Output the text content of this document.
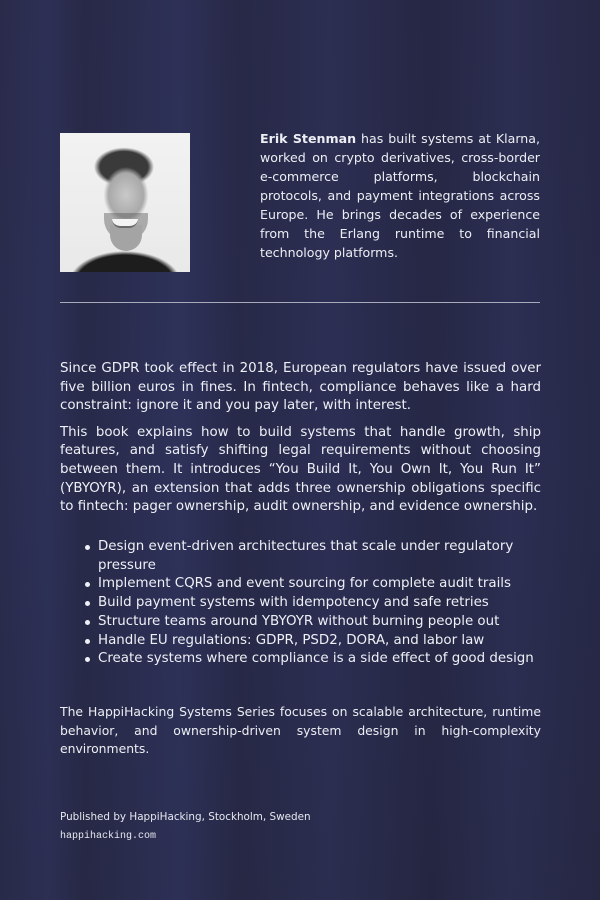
Erik Stenman has built systems at Klarna, worked on crypto derivatives, cross-border e-commerce platforms, blockchain protocols, and payment integrations across Europe. He brings decades of experience from the Erlang runtime to financial technology platforms.

Since GDPR took effect in 2018, European regulators have issued over five billion euros in fines. In fintech, compliance behaves like a hard constraint: ignore it and you pay later, with interest.

This book explains how to build systems that handle growth, ship features, and satisfy shifting legal requirements without choosing between them. It introduces “You Build It, You Own It, You Run It” (YBYOYR), an extension that adds three ownership obligations specific to fintech: pager ownership, audit ownership, and evidence ownership.

Design event-driven architectures that scale under regulatory pressure
Implement CQRS and event sourcing for complete audit trails
Build payment systems with idempotency and safe retries
Structure teams around YBYOYR without burning people out
Handle EU regulations: GDPR, PSD2, DORA, and labor law
Create systems where compliance is a side effect of good design

The HappiHacking Systems Series focuses on scalable architecture, runtime behavior, and ownership-driven system design in high-complexity environments.

Published by HappiHacking, Stockholm, Sweden
happihacking.com
